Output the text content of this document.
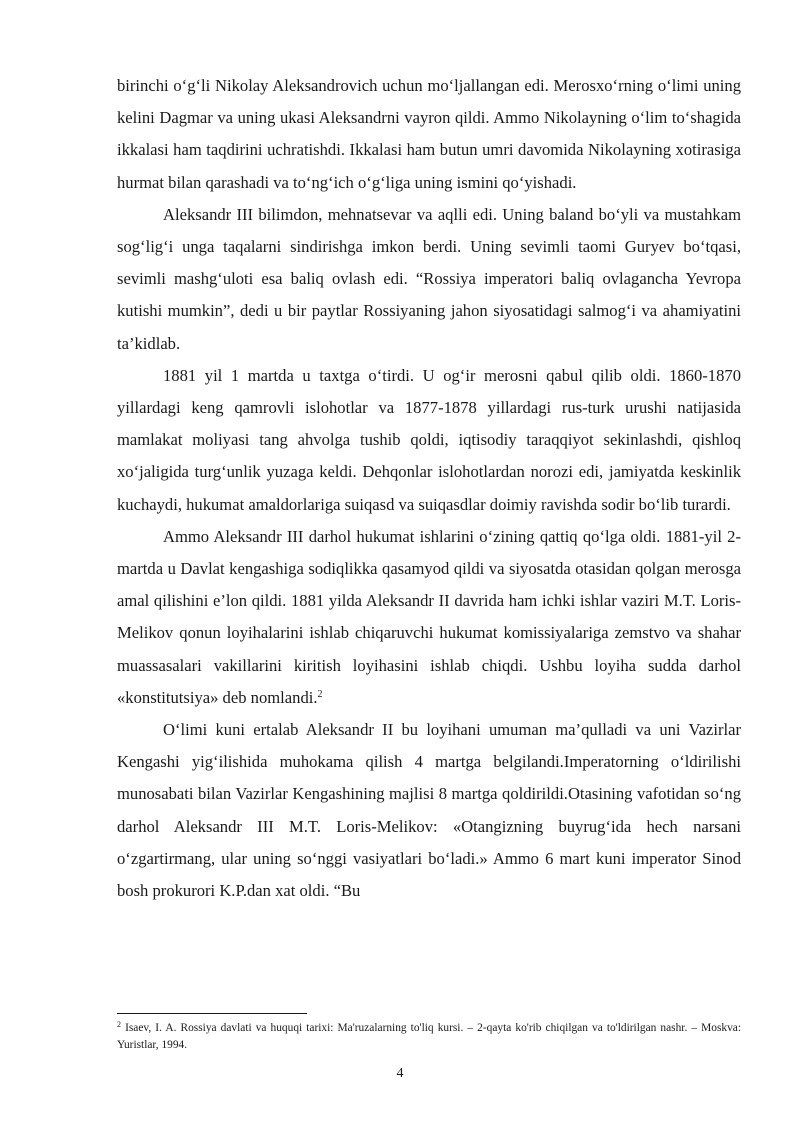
birinchi o‘g‘li Nikolay Aleksandrovich uchun mo‘ljallangan edi. Merosxo‘rning o‘limi uning kelini Dagmar va uning ukasi Aleksandrni vayron qildi. Ammo Nikolayning o‘lim to‘shagida ikkalasi ham taqdirini uchratishdi. Ikkalasi ham butun umri davomida Nikolayning xotirasiga hurmat bilan qarashadi va to‘ng‘ich o‘g‘liga uning ismini qo‘yishadi.

Aleksandr III bilimdon, mehnatsevar va aqlli edi. Uning baland bo‘yli va mustahkam sog‘lig‘i unga taqalarni sindirishga imkon berdi. Uning sevimli taomi Guryev bo‘tqasi, sevimli mashg‘uloti esa baliq ovlash edi. “Rossiya imperatori baliq ovlagancha Yevropa kutishi mumkin”, dedi u bir paytlar Rossiyaning jahon siyosatidagi salmog‘i va ahamiyatini ta’kidlab.

1881 yil 1 martda u taxtga o‘tirdi. U og‘ir merosni qabul qilib oldi. 1860-1870 yillardagi keng qamrovli islohotlar va 1877-1878 yillardagi rus-turk urushi natijasida mamlakat moliyasi tang ahvolga tushib qoldi, iqtisodiy taraqqiyot sekinlashdi, qishloq xo‘jaligida turg‘unlik yuzaga keldi. Dehqonlar islohotlardan norozi edi, jamiyatda keskinlik kuchaydi, hukumat amaldorlariga suiqasd va suiqasdlar doimiy ravishda sodir bo‘lib turardi.

Ammo Aleksandr III darhol hukumat ishlarini o‘zining qattiq qo‘lga oldi. 1881-yil 2-martda u Davlat kengashiga sodiqlikka qasamyod qildi va siyosatda otasidan qolgan merosga amal qilishini e’lon qildi. 1881 yilda Aleksandr II davrida ham ichki ishlar vaziri M.T. Loris-Melikov qonun loyihalarini ishlab chiqaruvchi hukumat komissiyalariga zemstvo va shahar muassasalari vakillarini kiritish loyihasini ishlab chiqdi. Ushbu loyiha sudda darhol «konstitutsiya» deb nomlandi.$^2$

O‘limi kuni ertalab Aleksandr II bu loyihani umuman ma’qulladi va uni Vazirlar Kengashi yig‘ilishida muhokama qilish 4 martga belgilandi.Imperatorning o‘ldirilishi munosabati bilan Vazirlar Kengashining majlisi 8 martga qoldirildi.Otasining vafotidan so‘ng darhol Aleksandr III M.T. Loris-Melikov: «Otangizning buyrug‘ida hech narsani o‘zgartirmang, ular uning so‘nggi vasiyatlari bo‘ladi.» Ammo 6 mart kuni imperator Sinod bosh prokurori K.P.dan xat oldi. “Bu

$^2$ Isaev, I. A. Rossiya davlati va huquqi tarixi: Ma'ruzalarning to'liq kursi. – 2-qayta ko'rib chiqilgan va to'ldirilgan nashr. – Moskva: Yuristlar, 1994.

4
